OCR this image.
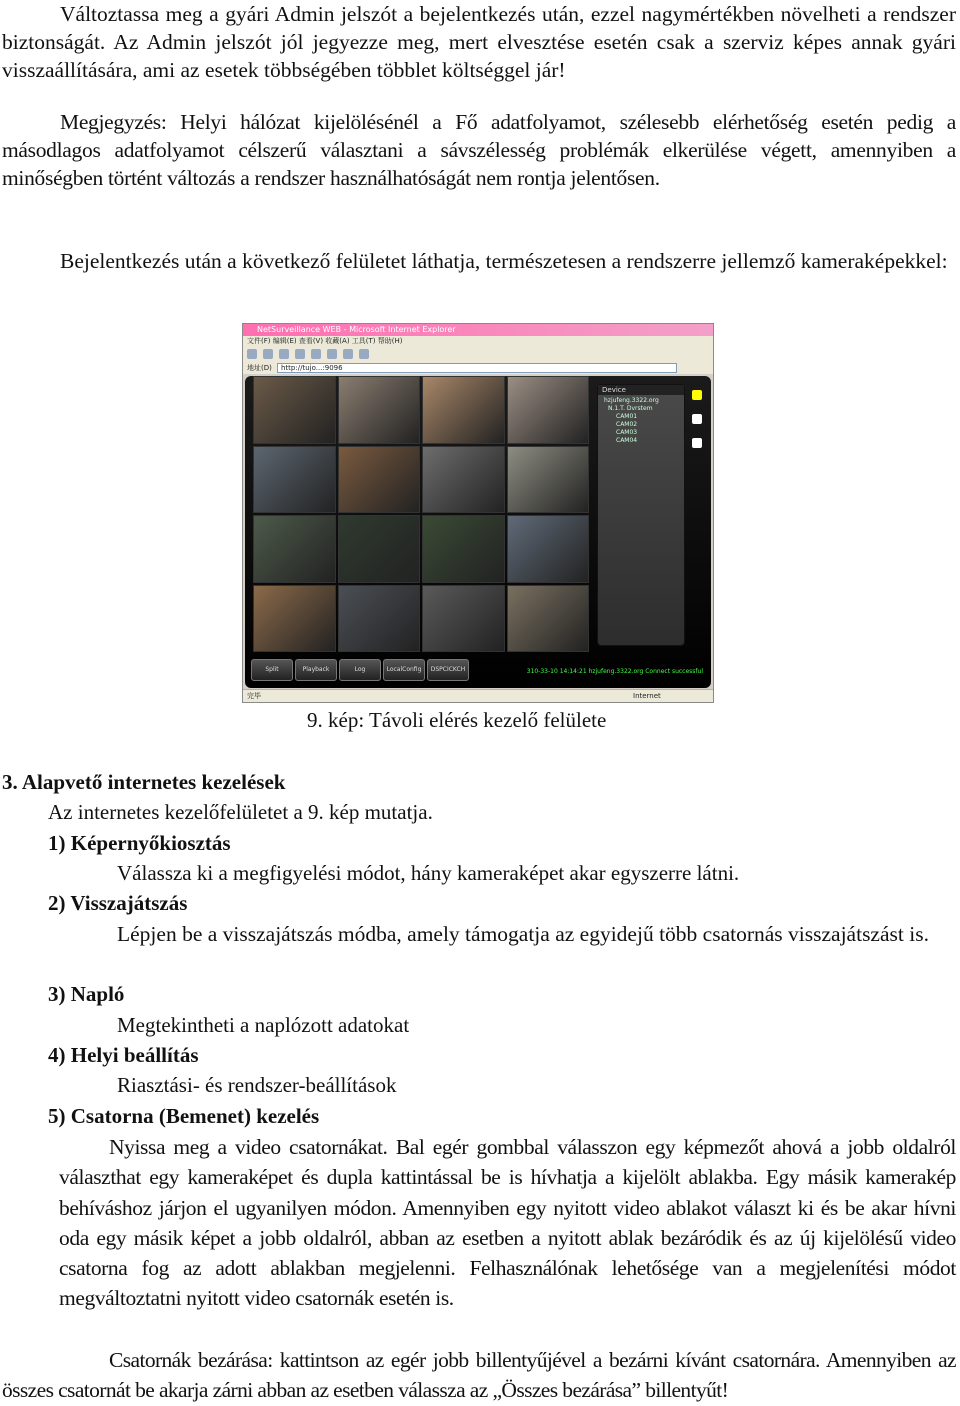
Változtassa meg a gyári Admin jelszót a bejelentkezés után, ezzel nagymértékben növelheti a rendszer biztonságát. Az Admin jelszót jól jegyezze meg, mert elvesztése esetén csak a szerviz képes annak gyári visszaállítására, ami az esetek többségében többlet költséggel jár!
Megjegyzés: Helyi hálózat kijelölésénél a Fő adatfolyamot, szélesebb elérhetőség esetén pedig a másodlagos adatfolyamot célszerű választani a sávszélesség problémák elkerülése végett, amennyiben a minőségben történt változás a rendszer használhatóságát nem rontja jelentősen.
Bejelentkezés után a következő felületet láthatja, természetesen a rendszerre jellemző kameraképekkel:
NetSurveillance WEB - Microsoft Internet Explorer
文件(F) 编辑(E) 查看(V) 收藏(A) 工具(T) 帮助(H)
地址(D)	http://tujo...:9096
Device
hzjufeng.3322.org
N.1.T. Dvrstem
CAM01
CAM02
CAM03
CAM04
Split	Playback	Log	LocalConfig DSPCICKCH	310-33-10 14:14:21 hzjufeng.3322.org Connect successful
完毕	Internet
9. kép: Távoli elérés kezelő felülete
3. Alapvető internetes kezelések
Az internetes kezelőfelületet a 9. kép mutatja.
1) Képernyőkiosztás
Válassza ki a megfigyelési módot, hány kameraképet akar egyszerre látni.
2) Visszajátszás
Lépjen be a visszajátszás módba, amely támogatja az egyidejű több csatornás visszajátszást is.
3) Napló
Megtekintheti a naplózott adatokat
4) Helyi beállítás
Riasztási- és rendszer-beállítások
5) Csatorna (Bemenet) kezelés
Nyissa meg a video csatornákat. Bal egér gombbal válasszon egy képmezőt ahová a jobb oldalról választhat egy kameraképet és dupla kattintással be is hívhatja a kijelölt ablakba. Egy másik kamerakép behíváshoz járjon el ugyanilyen módon. Amennyiben egy nyitott video ablakot választ ki és be akar hívni oda egy másik képet a jobb oldalról, abban az esetben a nyitott ablak bezáródik és az új kijelölésű video csatorna fog az adott ablakban megjelenni. Felhasználónak lehetősége van a megjelenítési módot megváltoztatni nyitott video csatornák esetén is.
Csatornák bezárása: kattintson az egér jobb billentyűjével a bezárni kívánt csatornára. Amennyiben az összes csatornát be akarja zárni abban az esetben válassza az „Összes bezárása” billentyűt!
